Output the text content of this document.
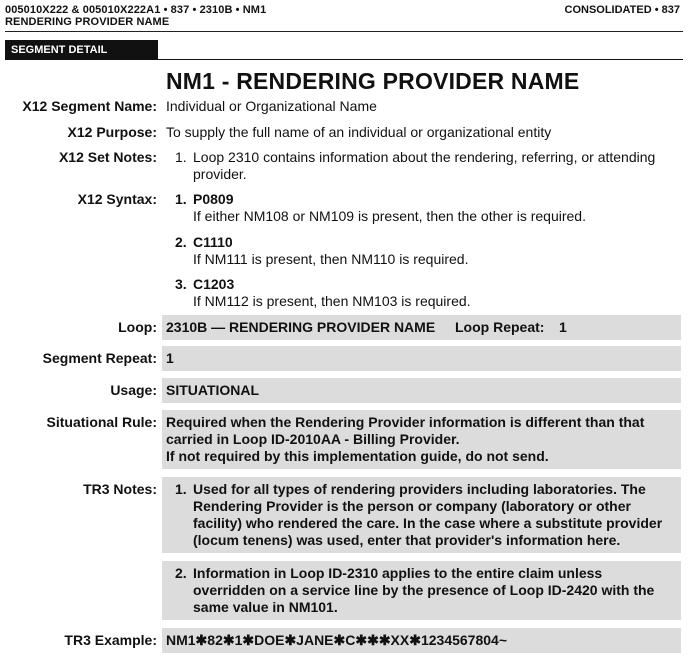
005010X222 & 005010X222A1 • 837 • 2310B • NM1
RENDERING PROVIDER NAME
CONSOLIDATED • 837
SEGMENT DETAIL
NM1 - RENDERING PROVIDER NAME
X12 Segment Name: Individual or Organizational Name
X12 Purpose: To supply the full name of an individual or organizational entity
X12 Set Notes: 1. Loop 2310 contains information about the rendering, referring, or attending
provider.
X12 Syntax: 1. P0809
If either NM108 or NM109 is present, then the other is required.
2. C1110
If NM111 is present, then NM110 is required.
3. C1203
If NM112 is present, then NM103 is required.
Loop: 2310B — RENDERING PROVIDER NAME Loop Repeat: 1
Segment Repeat: 1
Usage: SITUATIONAL
Situational Rule: Required when the Rendering Provider information is different than that
carried in Loop ID-2010AA - Billing Provider.
If not required by this implementation guide, do not send.
TR3 Notes: 1. Used for all types of rendering providers including laboratories. The
Rendering Provider is the person or company (laboratory or other
facility) who rendered the care. In the case where a substitute provider
(locum tenens) was used, enter that provider's information here.
2. Information in Loop ID-2310 applies to the entire claim unless
overridden on a service line by the presence of Loop ID-2420 with the
same value in NM101.
TR3 Example: NM1✱82✱1✱DOE✱JANE✱C✱✱✱XX✱1234567804~
